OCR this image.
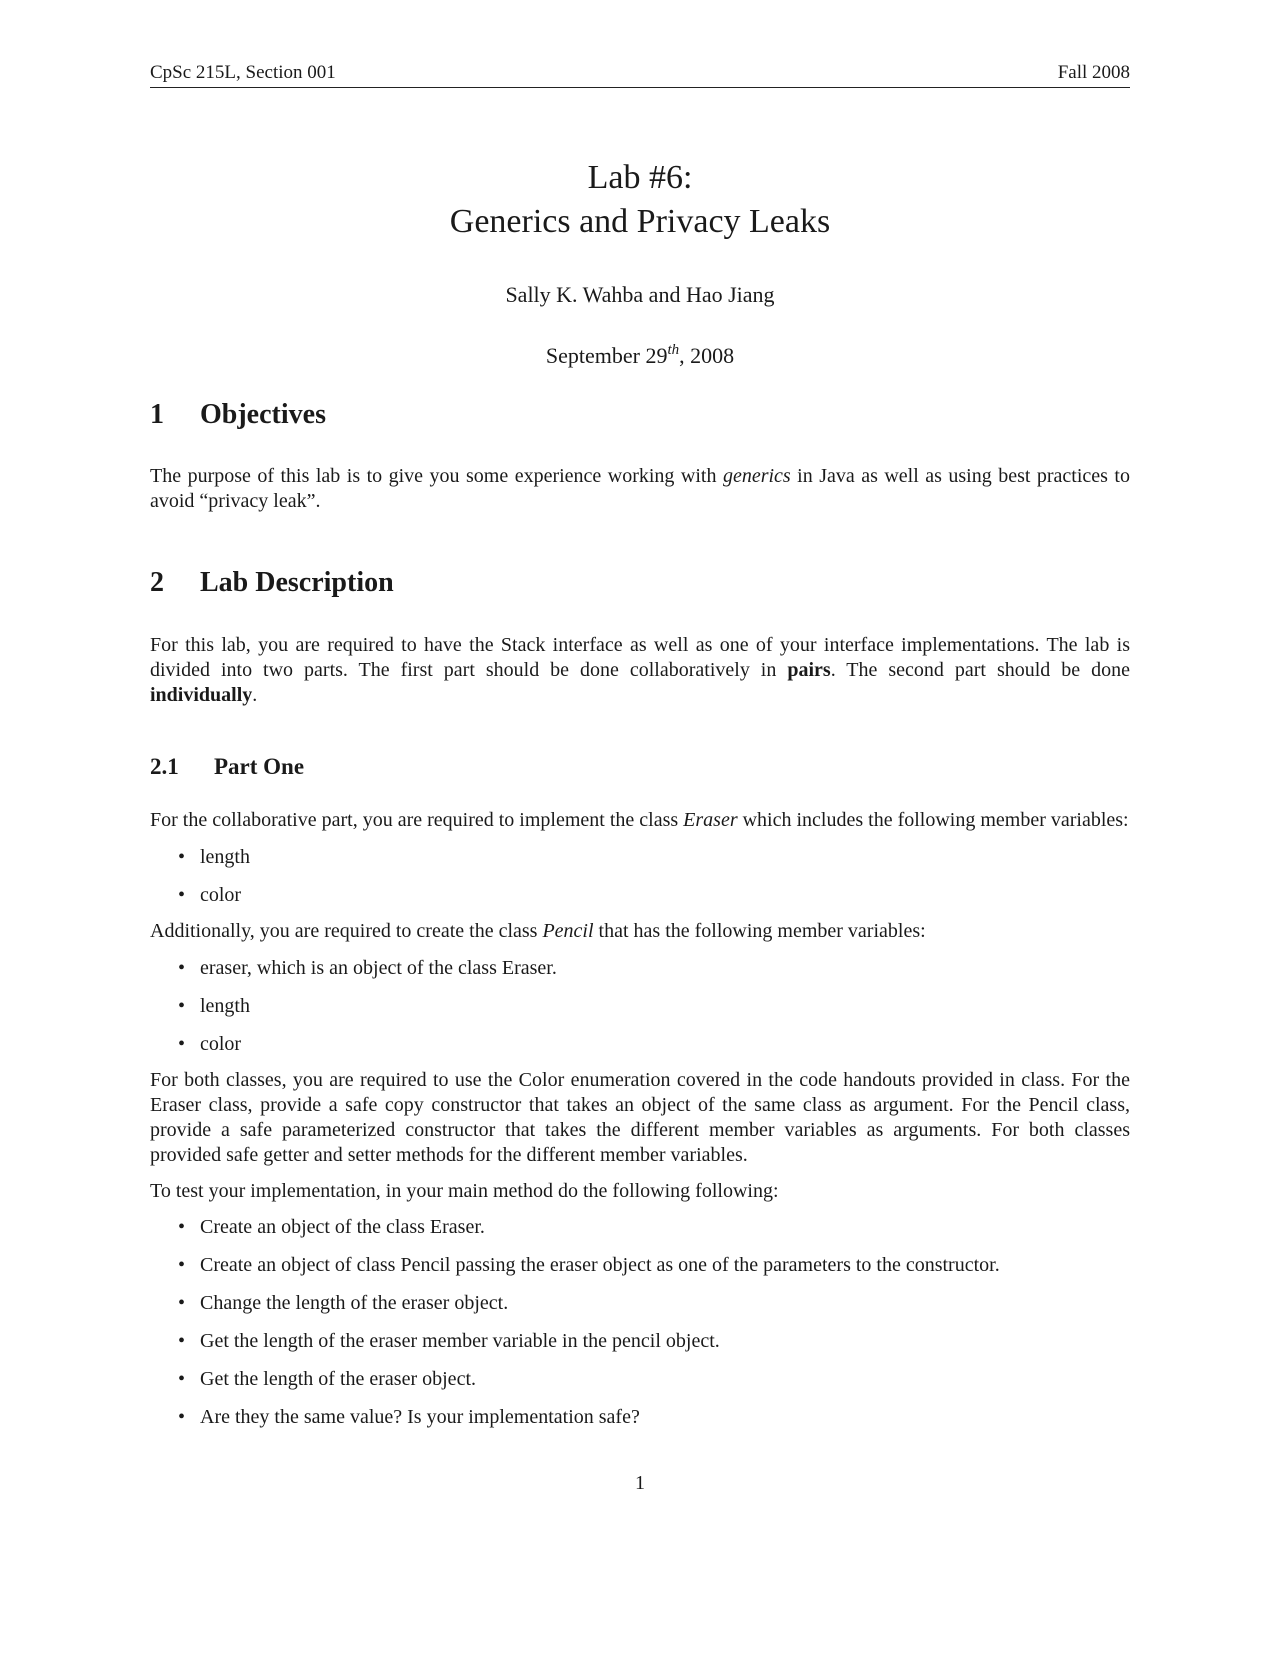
CpSc 215L, Section 001	Fall 2008
Lab #6:
Generics and Privacy Leaks
Sally K. Wahba and Hao Jiang
September 29th, 2008
1	Objectives

The purpose of this lab is to give you some experience working with generics in Java as well as using best practices to avoid “privacy leak”.

2	Lab Description

For this lab, you are required to have the Stack interface as well as one of your interface implementations. The lab is divided into two parts. The first part should be done collaboratively in pairs. The second part should be done individually.

2.1	Part One

For the collaborative part, you are required to implement the class Eraser which includes the following member variables:

• length
• color

Additionally, you are required to create the class Pencil that has the following member variables:

• eraser, which is an object of the class Eraser.
• length
• color

For both classes, you are required to use the Color enumeration covered in the code handouts provided in class. For the Eraser class, provide a safe copy constructor that takes an object of the same class as argument. For the Pencil class, provide a safe parameterized constructor that takes the different member variables as arguments. For both classes provided safe getter and setter methods for the different member variables.

To test your implementation, in your main method do the following following:

• Create an object of the class Eraser.
• Create an object of class Pencil passing the eraser object as one of the parameters to the constructor.
• Change the length of the eraser object.
• Get the length of the eraser member variable in the pencil object.
• Get the length of the eraser object.
• Are they the same value? Is your implementation safe?
1
